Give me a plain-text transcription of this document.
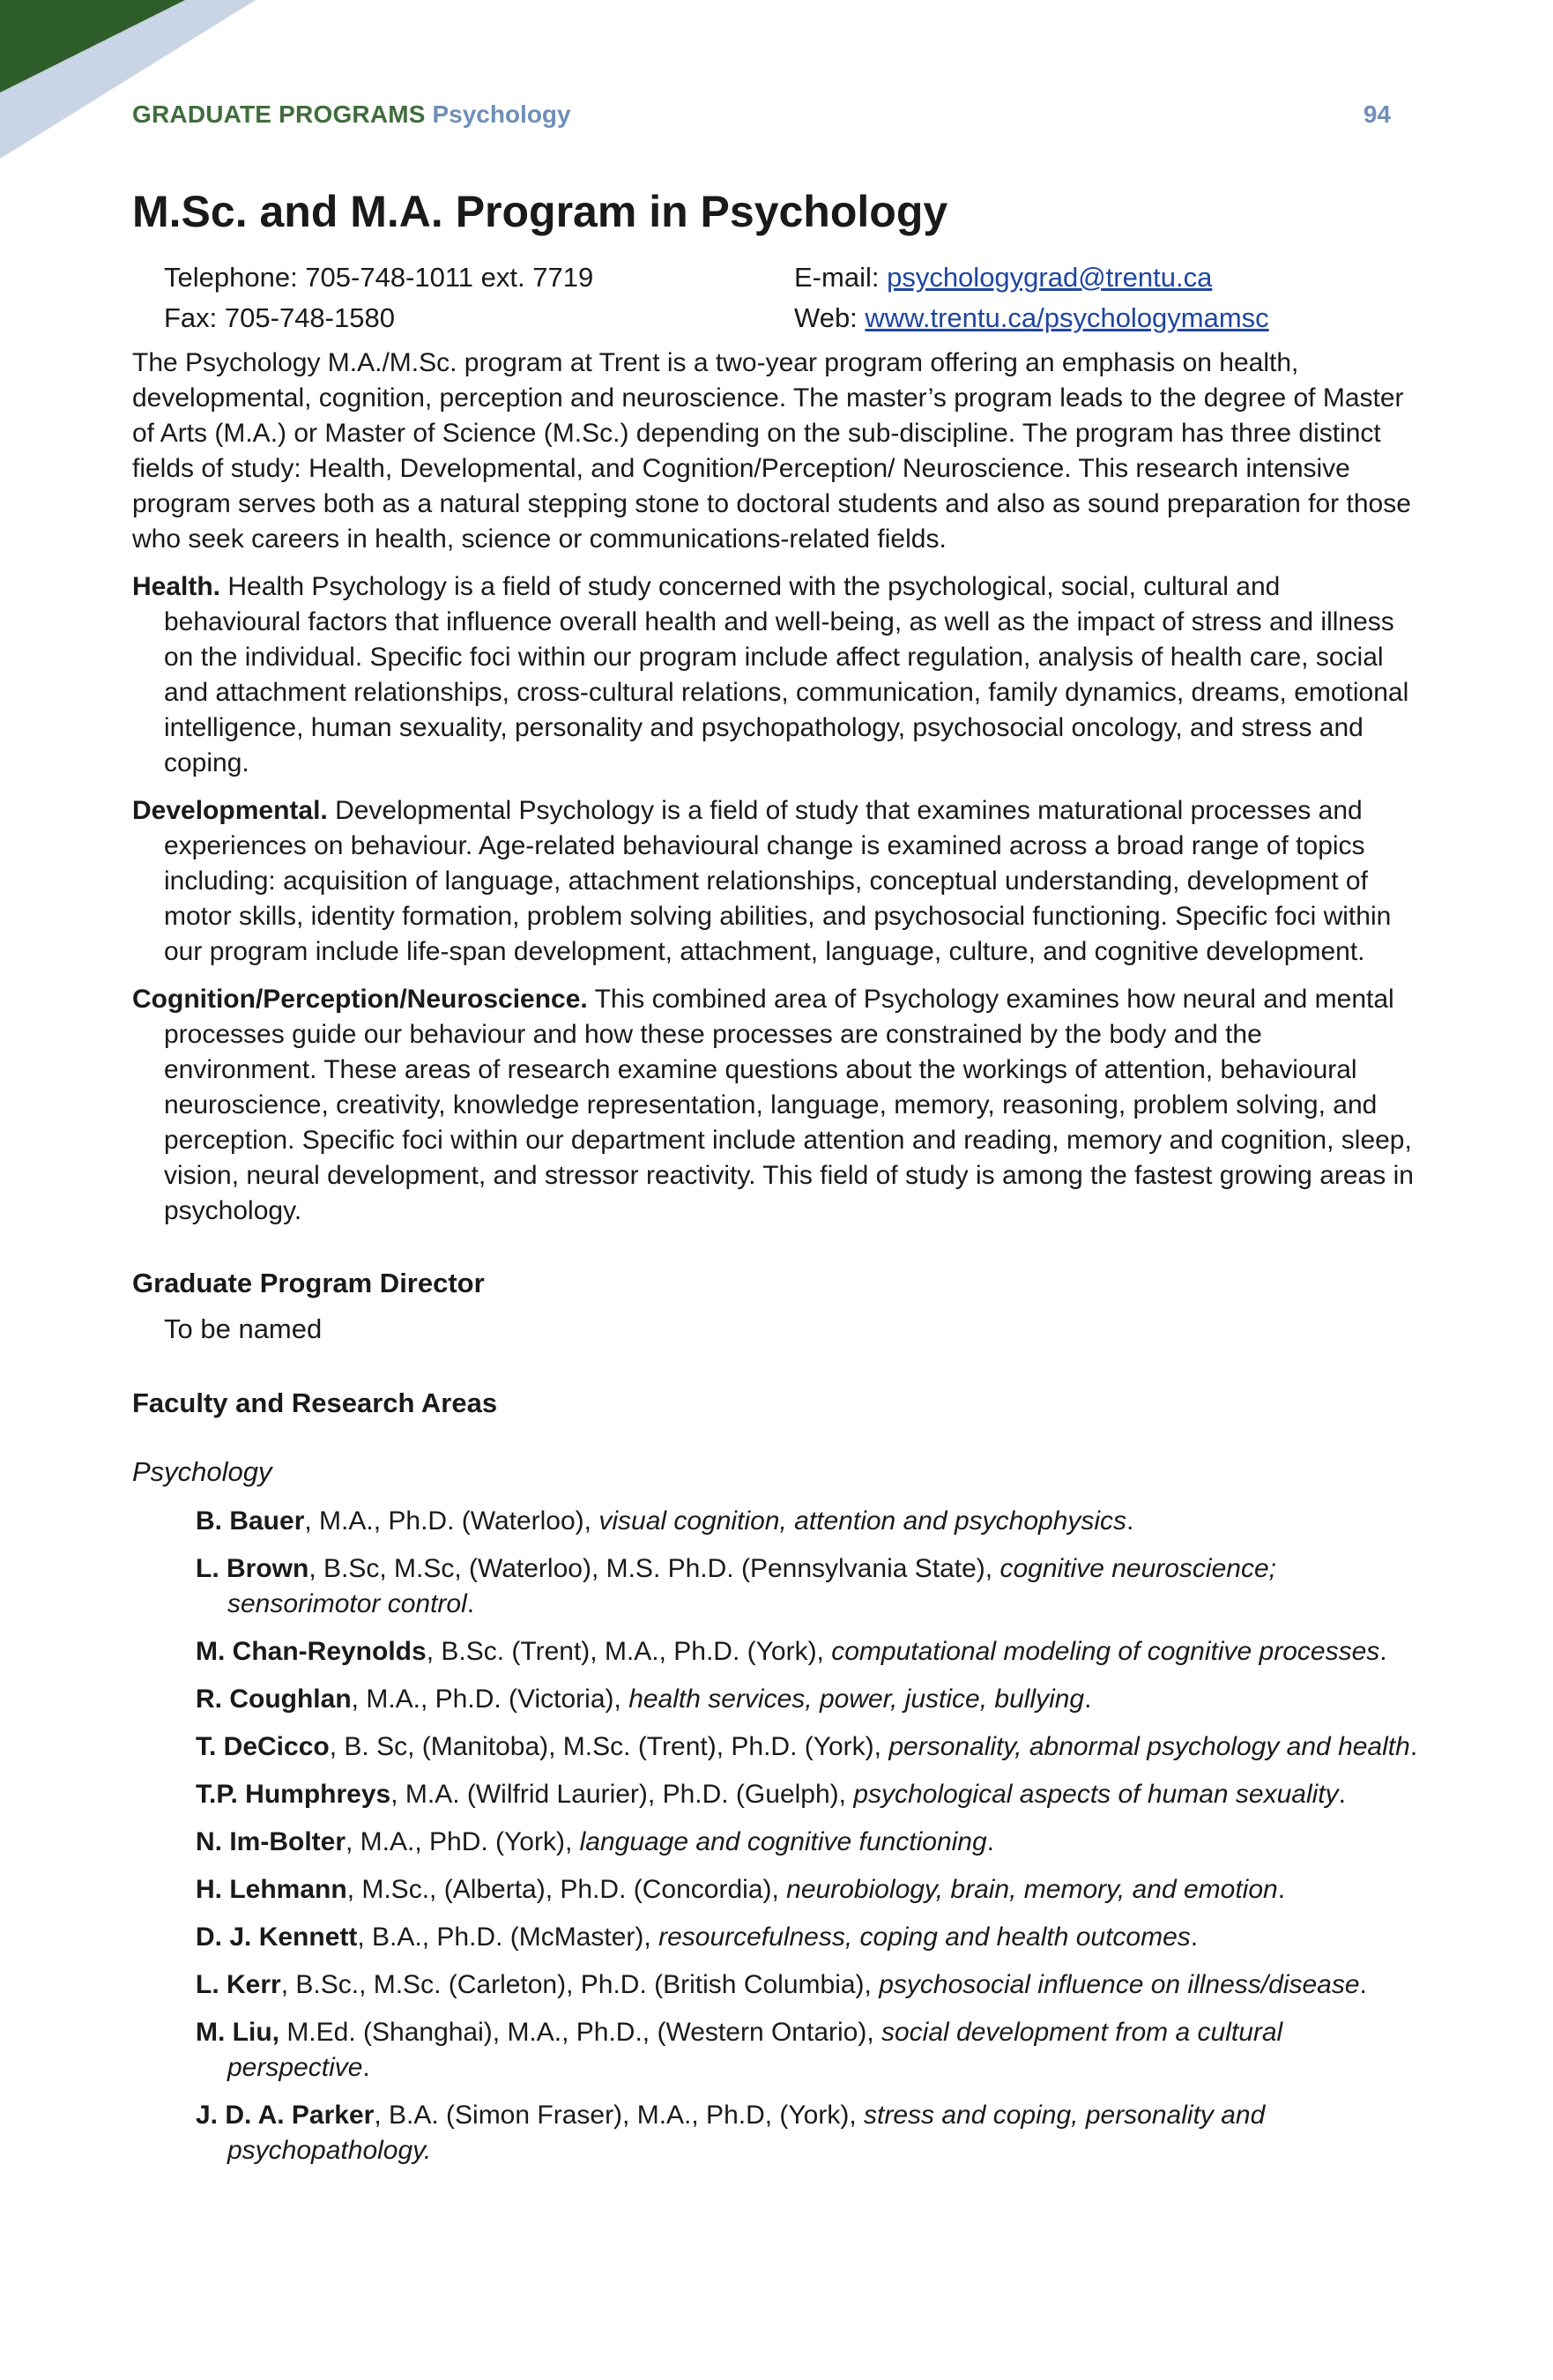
GRADUATE PROGRAMS Psychology	94
M.Sc. and M.A. Program in Psychology
Telephone: 705-748-1011 ext. 7719	E-mail: psychologygrad@trentu.ca
Fax: 705-748-1580	Web: www.trentu.ca/psychologymamsc

The Psychology M.A./M.Sc. program at Trent is a two-year program offering an emphasis on health, developmental, cognition, perception and neuroscience. The master’s program leads to the degree of Master of Arts (M.A.) or Master of Science (M.Sc.) depending on the sub-discipline. The program has three distinct fields of study: Health, Developmental, and Cognition/Perception/ Neuroscience. This research intensive program serves both as a natural stepping stone to doctoral students and also as sound preparation for those who seek careers in health, science or communications-related fields.

Health. Health Psychology is a field of study concerned with the psychological, social, cultural and behavioural factors that influence overall health and well-being, as well as the impact of stress and illness on the individual. Specific foci within our program include affect regulation, analysis of health care, social and attachment relationships, cross-cultural relations, communication, family dynamics, dreams, emotional intelligence, human sexuality, personality and psychopathology, psychosocial oncology, and stress and coping.
Developmental. Developmental Psychology is a field of study that examines maturational processes and experiences on behaviour. Age-related behavioural change is examined across a broad range of topics including: acquisition of language, attachment relationships, conceptual understanding, development of motor skills, identity formation, problem solving abilities, and psychosocial functioning. Specific foci within our program include life-span development, attachment, language, culture, and cognitive development.
Cognition/Perception/Neuroscience. This combined area of Psychology examines how neural and mental processes guide our behaviour and how these processes are constrained by the body and the environment. These areas of research examine questions about the workings of attention, behavioural neuroscience, creativity, knowledge representation, language, memory, reasoning, problem solving, and perception. Specific foci within our department include attention and reading, memory and cognition, sleep, vision, neural development, and stressor reactivity. This field of study is among the fastest growing areas in psychology.
Graduate Program Director
To be named
Faculty and Research Areas
Psychology
B. Bauer, M.A., Ph.D. (Waterloo), visual cognition, attention and psychophysics.
L. Brown, B.Sc, M.Sc, (Waterloo), M.S. Ph.D. (Pennsylvania State), cognitive neuroscience; sensorimotor control.
M. Chan-Reynolds, B.Sc. (Trent), M.A., Ph.D. (York), computational modeling of cognitive processes.
R. Coughlan, M.A., Ph.D. (Victoria), health services, power, justice, bullying.
T. DeCicco, B. Sc, (Manitoba), M.Sc. (Trent), Ph.D. (York), personality, abnormal psychology and health.
T.P. Humphreys, M.A. (Wilfrid Laurier), Ph.D. (Guelph), psychological aspects of human sexuality.
N. Im-Bolter, M.A., PhD. (York), language and cognitive functioning.
H. Lehmann, M.Sc., (Alberta), Ph.D. (Concordia), neurobiology, brain, memory, and emotion.
D. J. Kennett, B.A., Ph.D. (McMaster), resourcefulness, coping and health outcomes.
L. Kerr, B.Sc., M.Sc. (Carleton), Ph.D. (British Columbia), psychosocial influence on illness/disease.
M. Liu, M.Ed. (Shanghai), M.A., Ph.D., (Western Ontario), social development from a cultural perspective.
J. D. A. Parker, B.A. (Simon Fraser), M.A., Ph.D, (York), stress and coping, personality and psychopathology.
